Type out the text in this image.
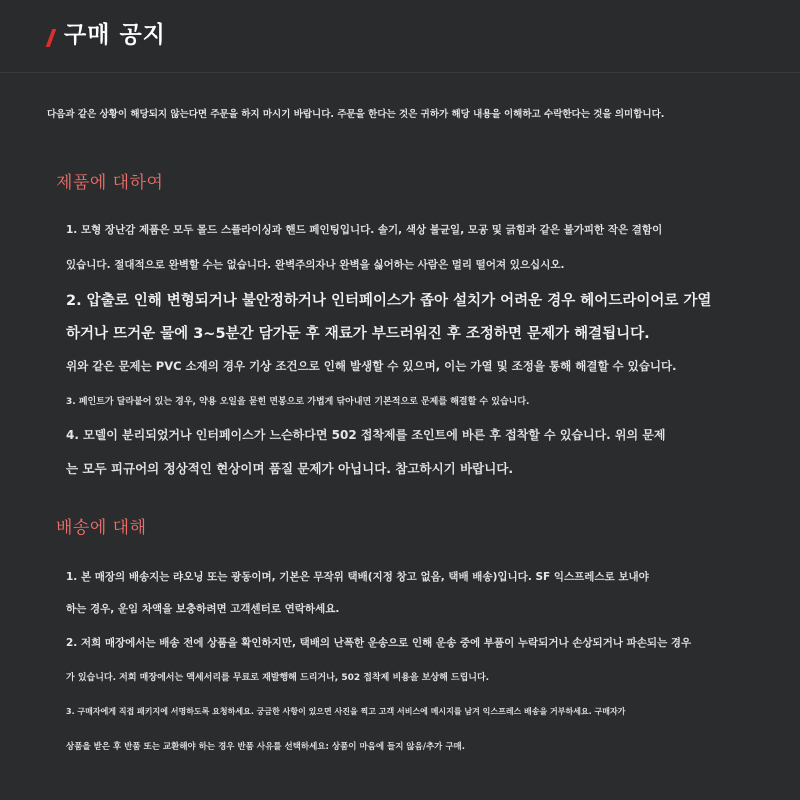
구매 공지
다음과 같은 상황이 해당되지 않는다면 주문을 하지 마시기 바랍니다. 주문을 한다는 것은 귀하가 해당 내용을 이해하고 수락한다는 것을 의미합니다.
제품에 대하여
1. 모형 장난감 제품은 모두 몰드 스플라이싱과 핸드 페인팅입니다. 솔기, 색상 불균일, 모공 및 긁힘과 같은 불가피한 작은 결함이
있습니다. 절대적으로 완벽할 수는 없습니다. 완벽주의자나 완벽을 싫어하는 사람은 멀리 떨어져 있으십시오.
2. 압출로 인해 변형되거나 불안정하거나 인터페이스가 좁아 설치가 어려운 경우 헤어드라이어로 가열
하거나 뜨거운 물에 3~5분간 담가둔 후 재료가 부드러워진 후 조정하면 문제가 해결됩니다.
위와 같은 문제는 PVC 소재의 경우 기상 조건으로 인해 발생할 수 있으며, 이는 가열 및 조정을 통해 해결할 수 있습니다.
3. 페인트가 달라붙어 있는 경우, 약용 오일을 묻힌 면봉으로 가볍게 닦아내면 기본적으로 문제를 해결할 수 있습니다.
4. 모델이 분리되었거나 인터페이스가 느슨하다면 502 접착제를 조인트에 바른 후 접착할 수 있습니다. 위의 문제
는 모두 피규어의 정상적인 현상이며 품질 문제가 아닙니다. 참고하시기 바랍니다.
배송에 대해
1. 본 매장의 배송지는 랴오닝 또는 광동이며, 기본은 무작위 택배(지정 창고 없음, 택배 배송)입니다. SF 익스프레스로 보내야
하는 경우, 운임 차액을 보충하려면 고객센터로 연락하세요.
2. 저희 매장에서는 배송 전에 상품을 확인하지만, 택배의 난폭한 운송으로 인해 운송 중에 부품이 누락되거나 손상되거나 파손되는 경우
가 있습니다. 저희 매장에서는 액세서리를 무료로 재발행해 드리거나, 502 접착제 비용을 보상해 드립니다.
3. 구매자에게 직접 패키지에 서명하도록 요청하세요. 궁금한 사항이 있으면 사진을 찍고 고객 서비스에 메시지를 남겨 익스프레스 배송을 거부하세요. 구매자가
상품을 받은 후 반품 또는 교환해야 하는 경우 반품 사유를 선택하세요: 상품이 마음에 들지 않음/추가 구매.
